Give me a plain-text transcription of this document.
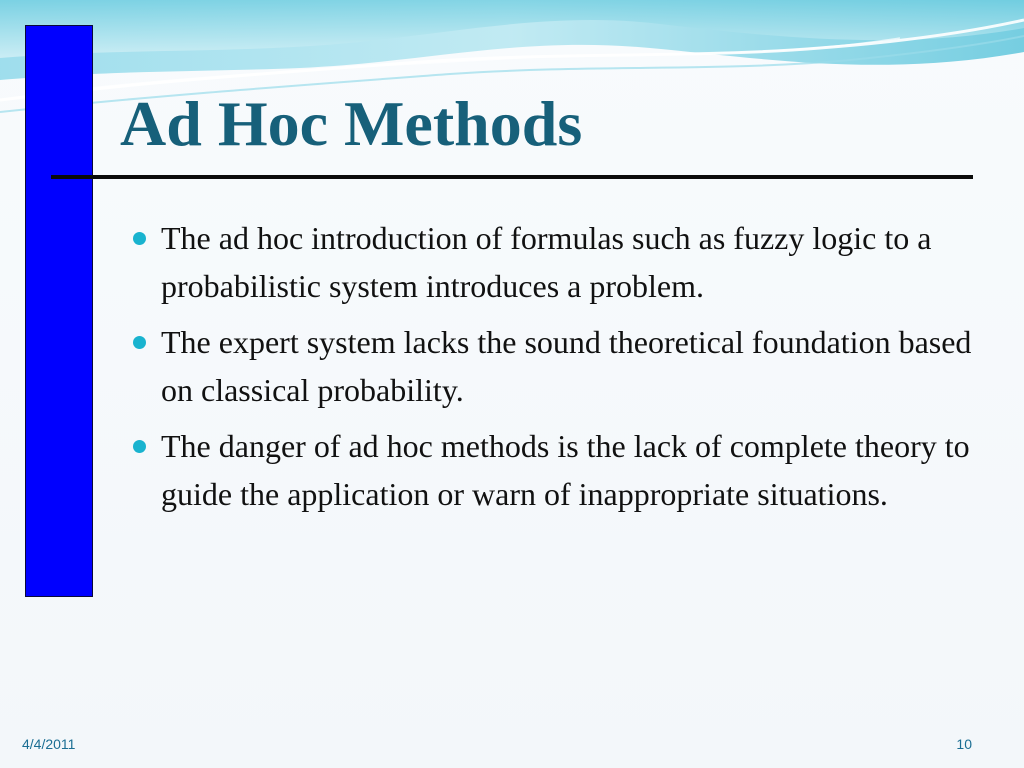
Ad Hoc Methods
The ad hoc introduction of formulas such as fuzzy logic to a probabilistic system introduces a problem.
The expert system lacks the sound theoretical foundation based on classical probability.
The danger of ad hoc methods is the lack of complete theory to guide the application or warn of inappropriate situations.
4/4/2011	10
